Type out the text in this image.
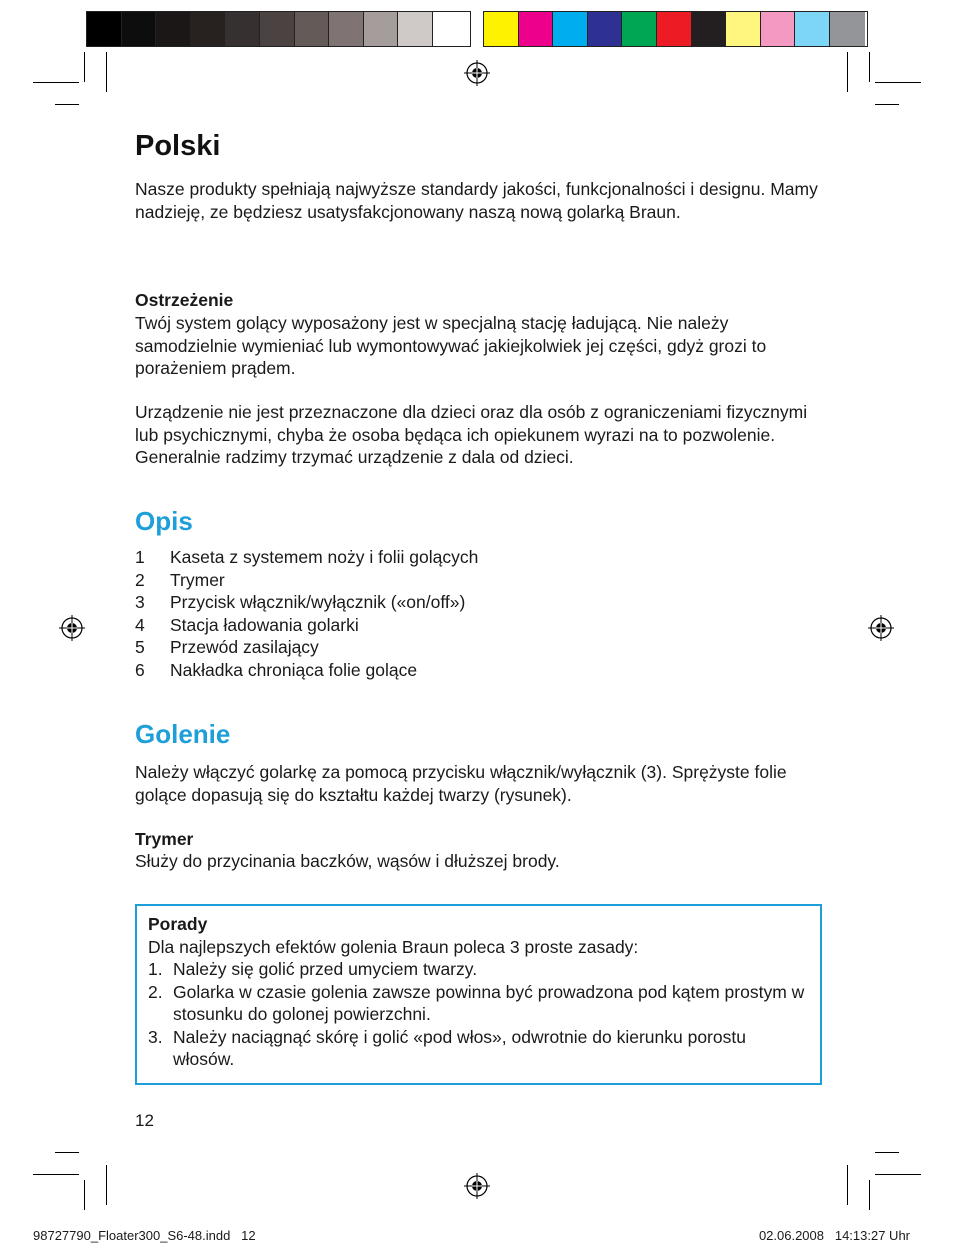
Polski

Nasze produkty spełniają najwyższe standardy jakości, funkcjonalności i designu. Mamy nadzieję, ze będziesz usatysfakcjonowany naszą nową golarką Braun.

Ostrzeżenie

Twój system golący wyposażony jest w specjalną stację ładującą. Nie należy samodzielnie wymieniać lub wymontowywać jakiejkolwiek jej części, gdyż grozi to porażeniem prądem.

Urządzenie nie jest przeznaczone dla dzieci oraz dla osób z ograniczeniami fizycznymi lub psychicznymi, chyba że osoba będąca ich opiekunem wyrazi na to pozwolenie. Generalnie radzimy trzymać urządzenie z dala od dzieci.

Opis
1	Kaseta z systemem noży i folii golących
2	Trymer
3	Przycisk włącznik/wyłącznik («on/off»)
4	Stacja ładowania golarki
5	Przewód zasilający
6	Nakładka chroniąca folie golące
Golenie

Należy włączyć golarkę za pomocą przycisku włącznik/wyłącznik (3). Sprężyste folie golące dopasują się do kształtu każdej twarzy (rysunek).

Trymer

Służy do przycinania baczków, wąsów i dłuższej brody.

Porady
Dla najlepszych efektów golenia Braun poleca 3 proste zasady:
1. Należy się golić przed umyciem twarzy.
2. Golarka w czasie golenia zawsze powinna być prowadzona pod kątem prostym w stosunku do golonej powierzchni.
3. Należy naciągnąć skórę i golić «pod włos», odwrotnie do kierunku porostu włosów.
12
98727790_Floater300_S6-48.indd   12	02.06.2008   14:13:27 Uhr
